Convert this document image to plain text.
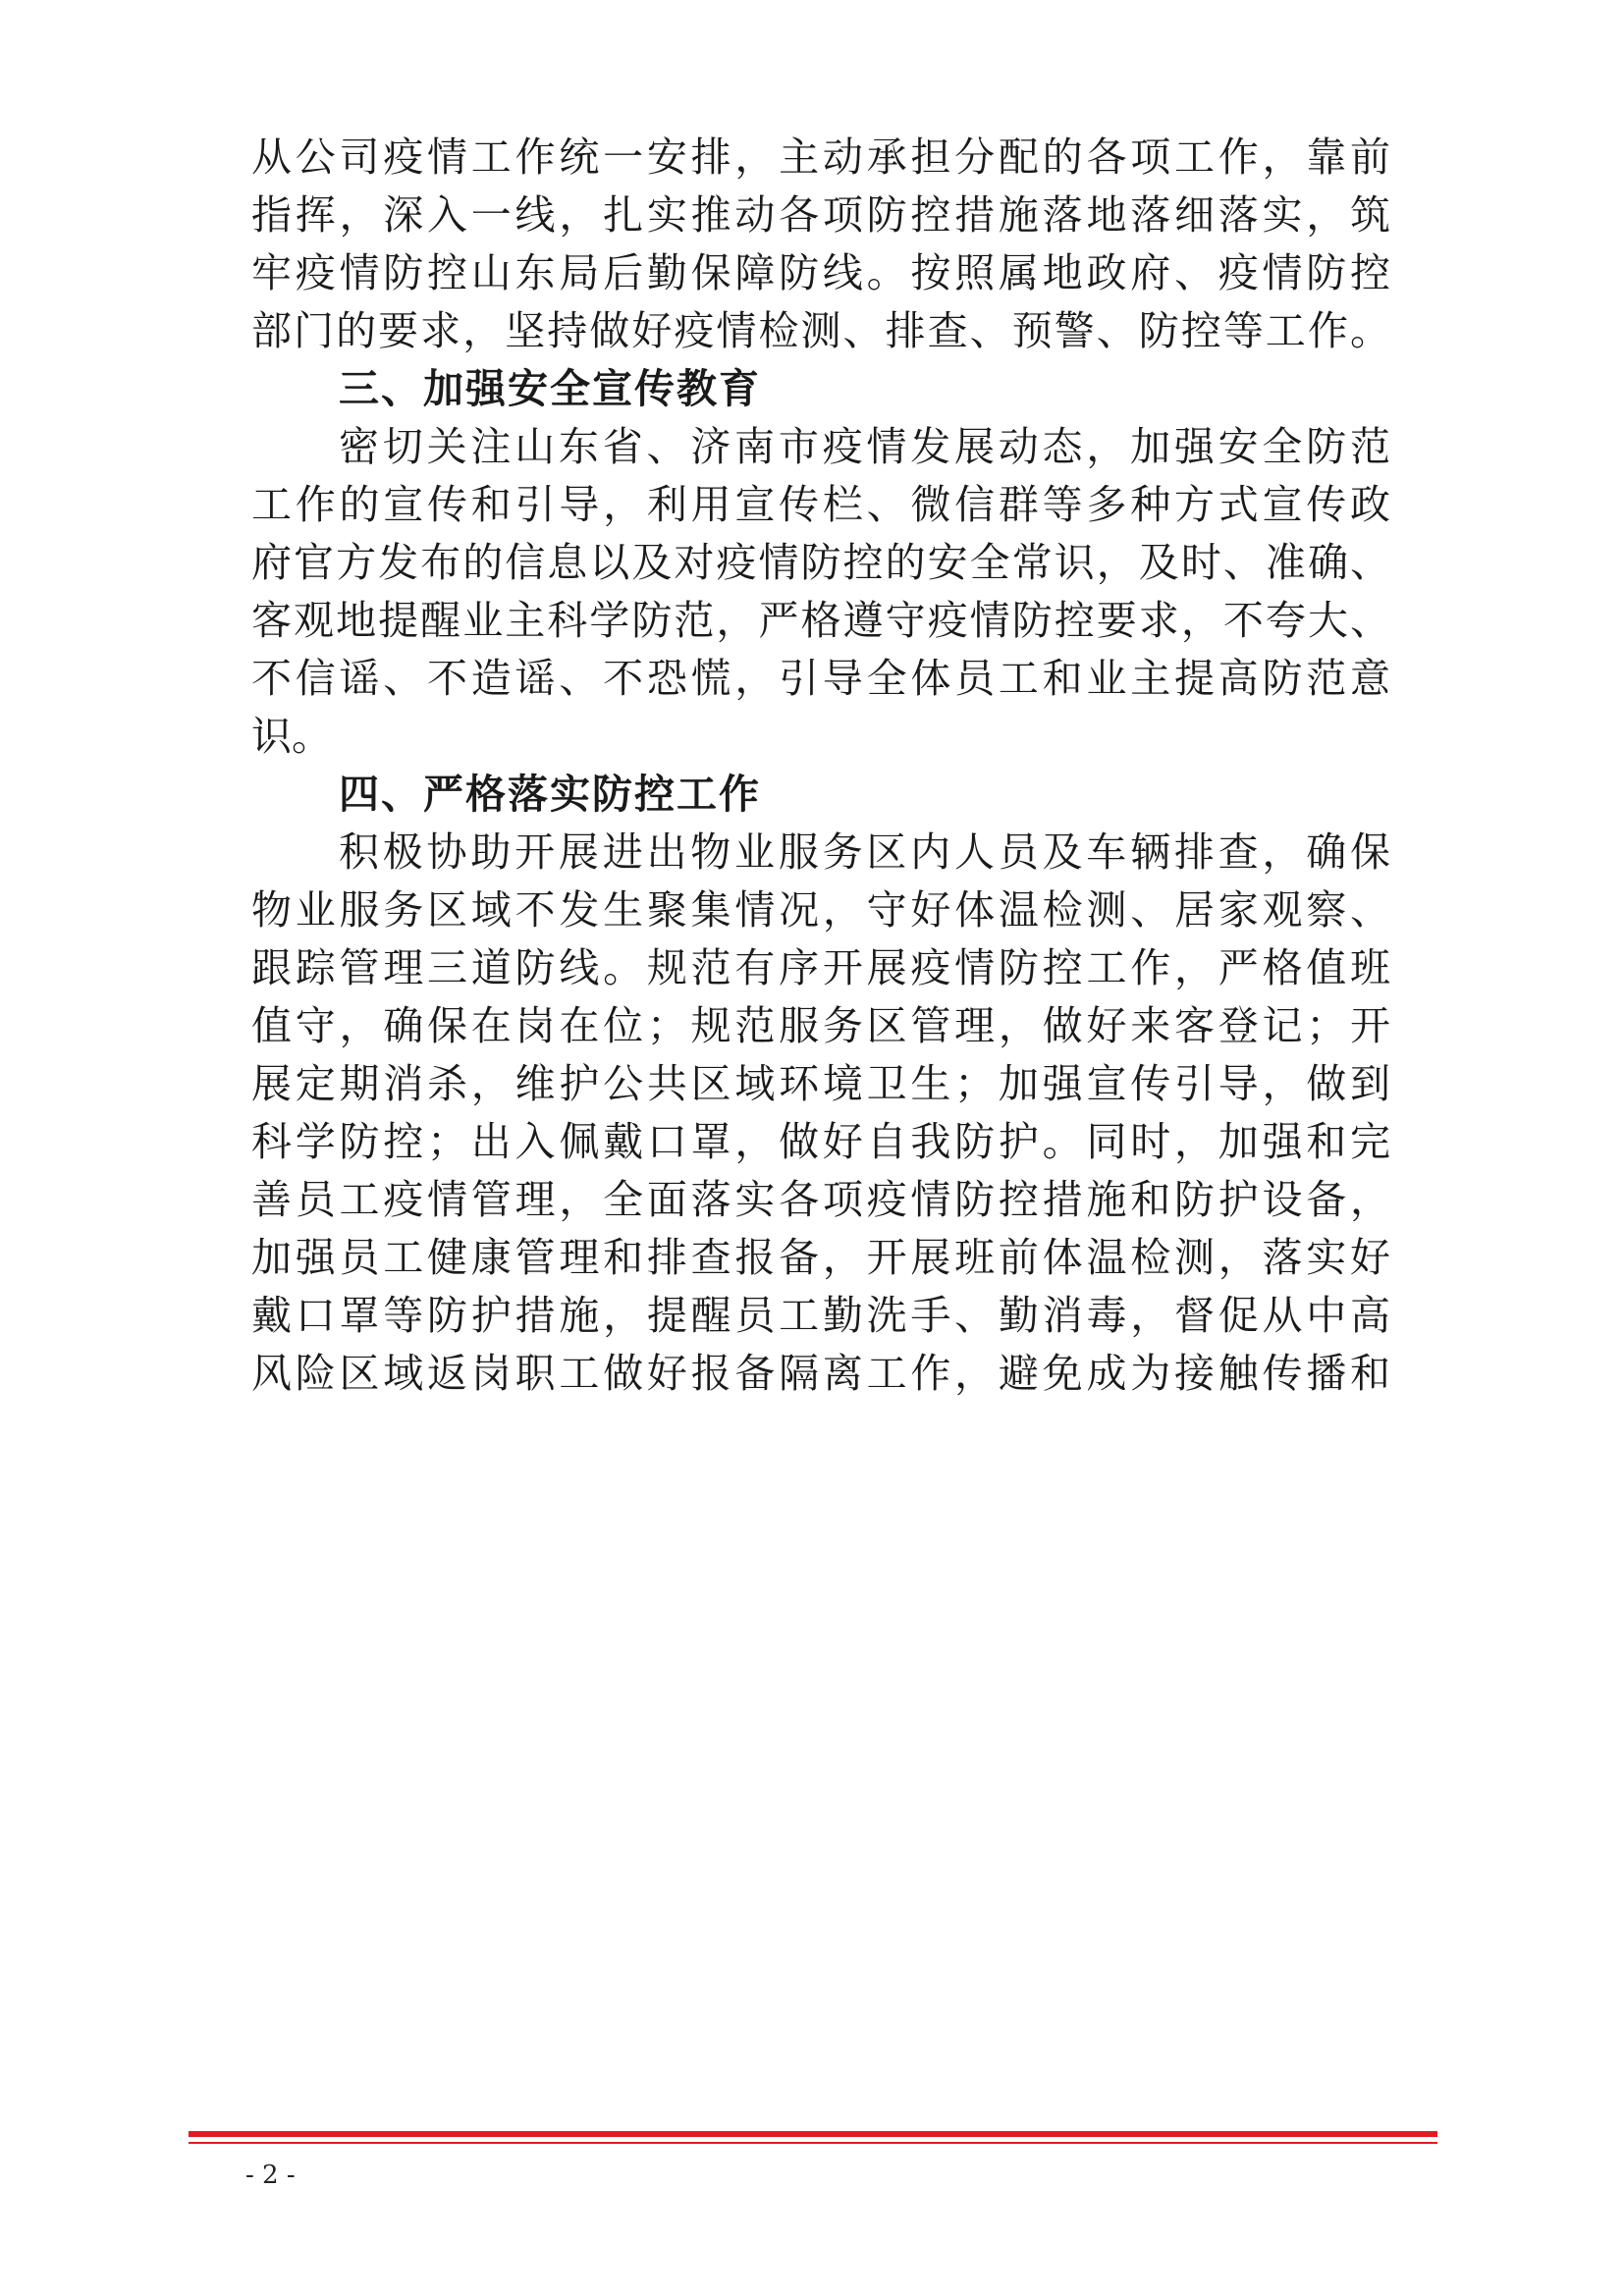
从公司疫情工作统一安排，主动承担分配的各项工作，靠前
指挥，深入一线，扎实推动各项防控措施落地落细落实，筑
牢疫情防控山东局后勤保障防线。按照属地政府、疫情防控
部门的要求，坚持做好疫情检测、排查、预警、防控等工作。
三、加强安全宣传教育
密切关注山东省、济南市疫情发展动态，加强安全防范
工作的宣传和引导，利用宣传栏、微信群等多种方式宣传政
府官方发布的信息以及对疫情防控的安全常识，及时、准确、
客观地提醒业主科学防范，严格遵守疫情防控要求，不夸大、
不信谣、不造谣、不恐慌，引导全体员工和业主提高防范意
识。
四、严格落实防控工作
积极协助开展进出物业服务区内人员及车辆排查，确保
物业服务区域不发生聚集情况，守好体温检测、居家观察、
跟踪管理三道防线。规范有序开展疫情防控工作，严格值班
值守，确保在岗在位；规范服务区管理，做好来客登记；开
展定期消杀，维护公共区域环境卫生；加强宣传引导，做到
科学防控；出入佩戴口罩，做好自我防护。同时，加强和完
善员工疫情管理，全面落实各项疫情防控措施和防护设备，
加强员工健康管理和排查报备，开展班前体温检测，落实好
戴口罩等防护措施，提醒员工勤洗手、勤消毒，督促从中高
风险区域返岗职工做好报备隔离工作，避免成为接触传播和
- 2 -
